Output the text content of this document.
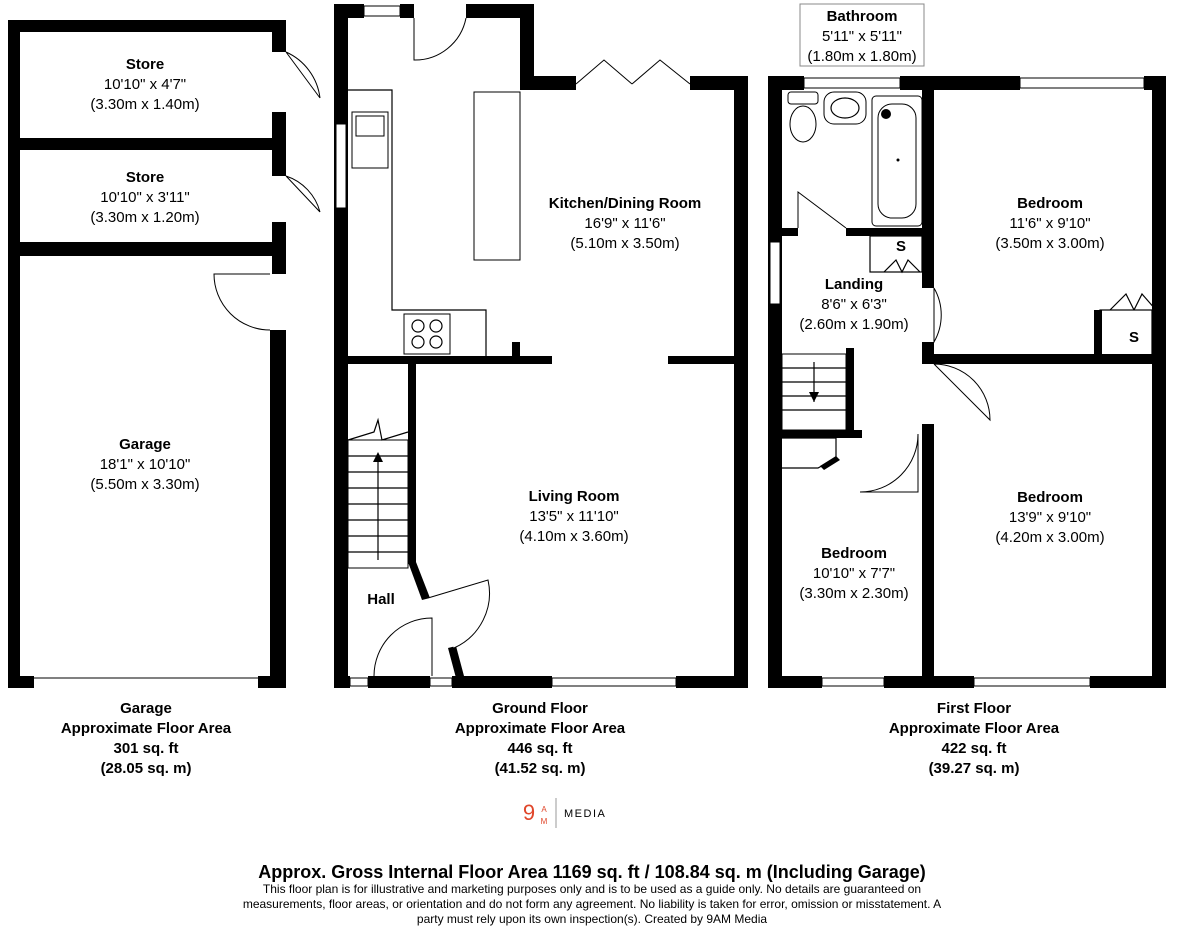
Store
10'10" x 4'7"
(3.30m x 1.40m)
Store
10'10" x 3'11"
(3.30m x 1.20m)
Garage
18'1" x 10'10"
(5.50m x 3.30m)
Kitchen/Dining Room
16'9" x 11'6"
(5.10m x 3.50m)
Living Room
13'5" x 11'10"
(4.10m x 3.60m)
Hall
Bathroom
5'11" x 5'11"
(1.80m x 1.80m)
Bedroom
11'6" x 9'10"
(3.50m x 3.00m)
S
S
Landing
8'6" x 6'3"
(2.60m x 1.90m)
Bedroom
13'9" x 9'10"
(4.20m x 3.00m)
Bedroom
10'10" x 7'7"
(3.30m x 2.30m)
Garage
Approximate Floor Area
301 sq. ft
(28.05 sq. m)
Ground Floor
Approximate Floor Area
446 sq. ft
(41.52 sq. m)
First Floor
Approximate Floor Area
422 sq. ft
(39.27 sq. m)
9 A
M
MEDIA
Approx. Gross Internal Floor Area 1169 sq. ft / 108.84 sq. m (Including Garage)
This floor plan is for illustrative and marketing purposes only and is to be used as a guide only. No details are guaranteed on measurements, floor areas, or orientation and do not form any agreement. No liability is taken for error, omission or misstatement. A party must rely upon its own inspection(s). Created by 9AM Media
